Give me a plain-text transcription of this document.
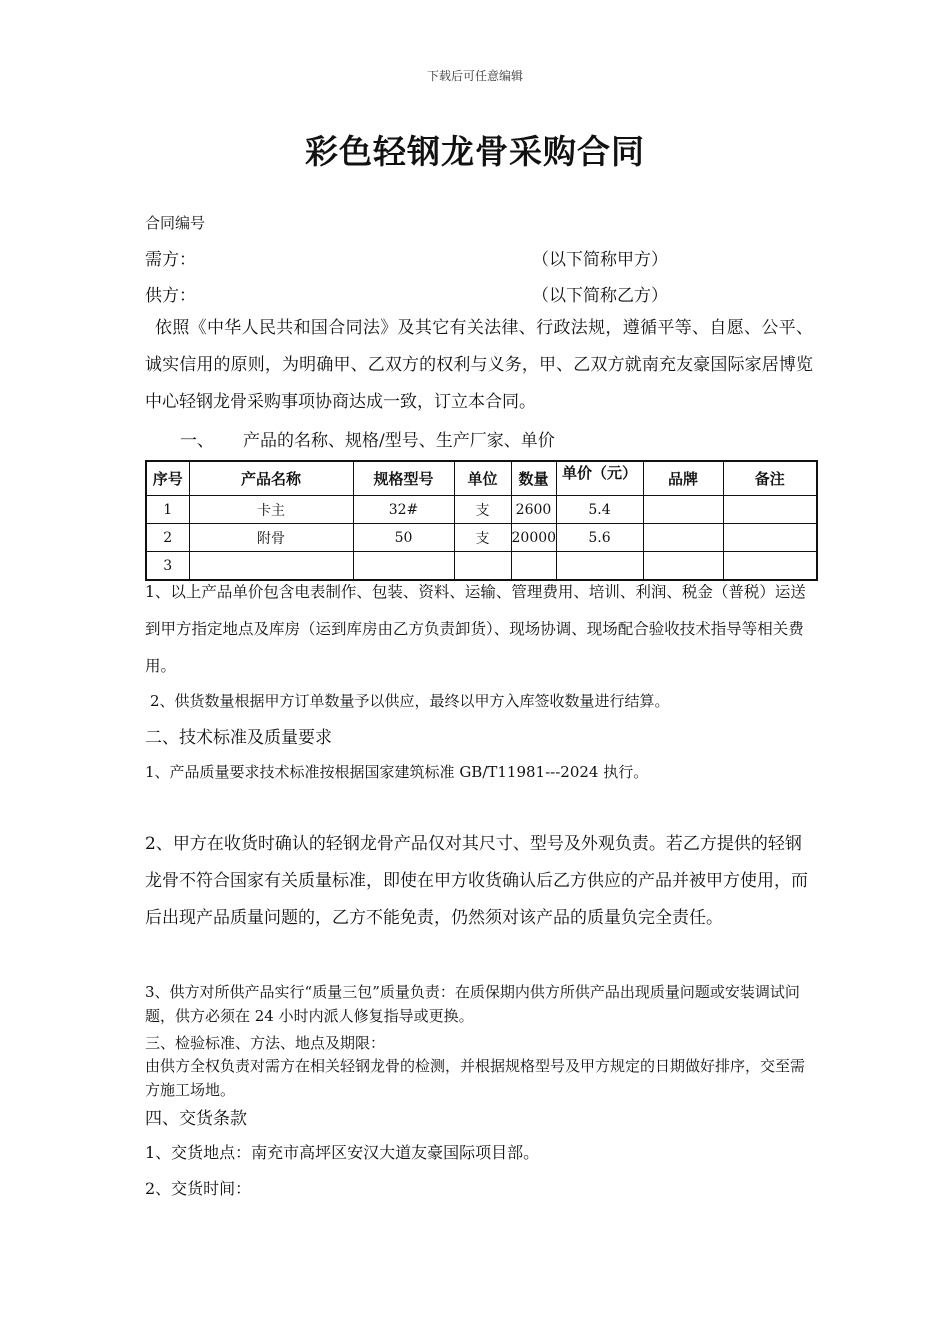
下载后可任意编辑
彩色轻钢龙骨采购合同
合同编号
需方：	（以下简称甲方）
供方：	（以下简称乙方）
依照《中华人民共和国合同法》及其它有关法律、行政法规，遵循平等、自愿、公平、诚实信用的原则，为明确甲、乙双方的权利与义务，甲、乙双方就南充友豪国际家居博览中心轻钢龙骨采购事项协商达成一致，订立本合同。
一、 产品的名称、规格/型号、生产厂家、单价
序号	产品名称	规格型号	单位	数量	单价（元）	品牌	备注
1	卡主	32#	支	2600	5.4		
2	附骨	50	支	20000	5.6		
3							
1、以上产品单价包含电表制作、包装、资料、运输、管理费用、培训、利润、税金（普税）运送到甲方指定地点及库房（运到库房由乙方负责卸货）、现场协调、现场配合验收技术指导等相关费用。
2、供货数量根据甲方订单数量予以供应，最终以甲方入库签收数量进行结算。
二、技术标准及质量要求
1、产品质量要求技术标准按根据国家建筑标准 GB/T11981---2024 执行。
2、甲方在收货时确认的轻钢龙骨产品仅对其尺寸、型号及外观负责。若乙方提供的轻钢龙骨不符合国家有关质量标准，即使在甲方收货确认后乙方供应的产品并被甲方使用，而后出现产品质量问题的，乙方不能免责，仍然须对该产品的质量负完全责任。
3、供方对所供产品实行“质量三包”质量负责：在质保期内供方所供产品出现质量问题或安装调试问题，供方必须在 24 小时内派人修复指导或更换。
三、检验标准、方法、地点及期限：
由供方全权负责对需方在相关轻钢龙骨的检测，并根据规格型号及甲方规定的日期做好排序，交至需方施工场地。
四、交货条款
1、交货地点：南充市高坪区安汉大道友豪国际项目部。
2、交货时间：
